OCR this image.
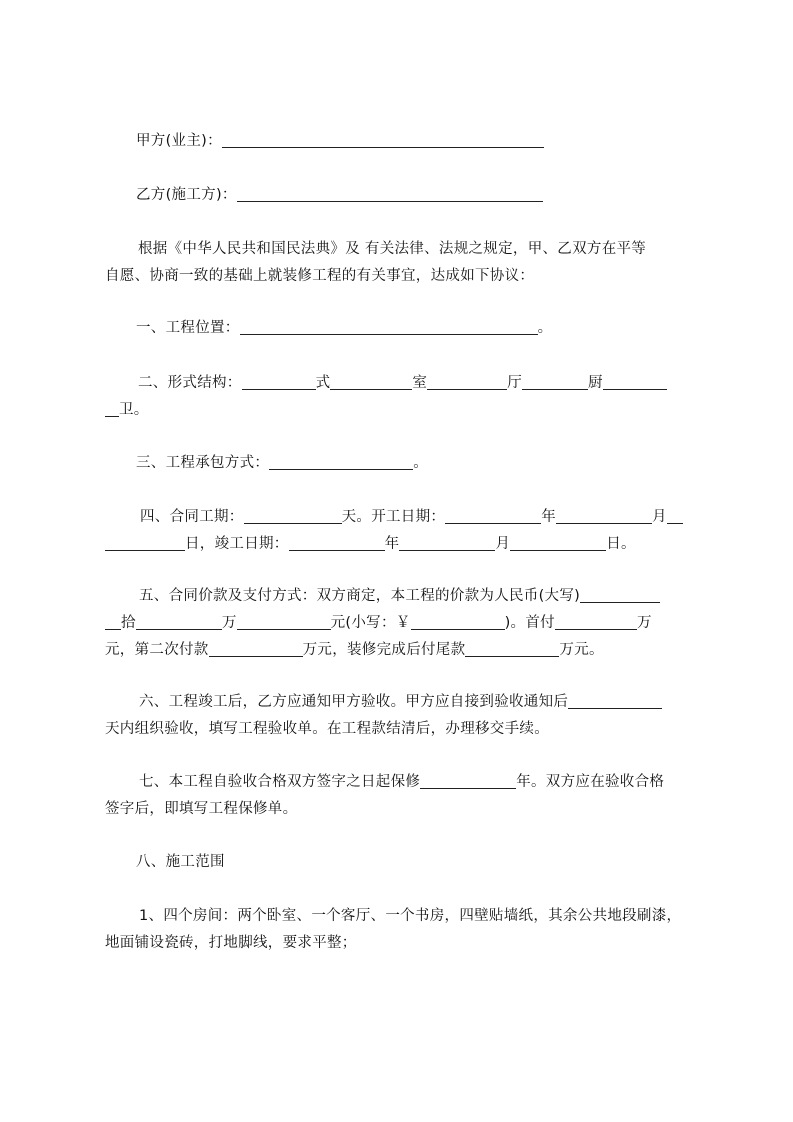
甲方(业主)：
乙方(施工方)：
根据《中华人民共和国民法典》及 有关法律、法规之规定，甲、乙双方在平等
自愿、协商一致的基础上就装修工程的有关事宜，达成如下协议：
一、工程位置：	。
二、形式结构：	式	室	厅	厨
卫。
三、工程承包方式：	。
四、合同工期：	天。开工日期：	年	月
日，竣工日期：	年	月	日。
五、合同价款及支付方式：双方商定，本工程的价款为人民币(大写)
拾	万	元(小写：￥	)。首付	万
元，第二次付款	万元，装修完成后付尾款	万元。
六、工程竣工后，乙方应通知甲方验收。甲方应自接到验收通知后
天内组织验收，填写工程验收单。在工程款结清后，办理移交手续。
七、本工程自验收合格双方签字之日起保修	年。双方应在验收合格
签字后，即填写工程保修单。
八、施工范围
1、四个房间：两个卧室、一个客厅、一个书房，四壁贴墙纸，其余公共地段刷漆，
地面铺设瓷砖，打地脚线，要求平整；
